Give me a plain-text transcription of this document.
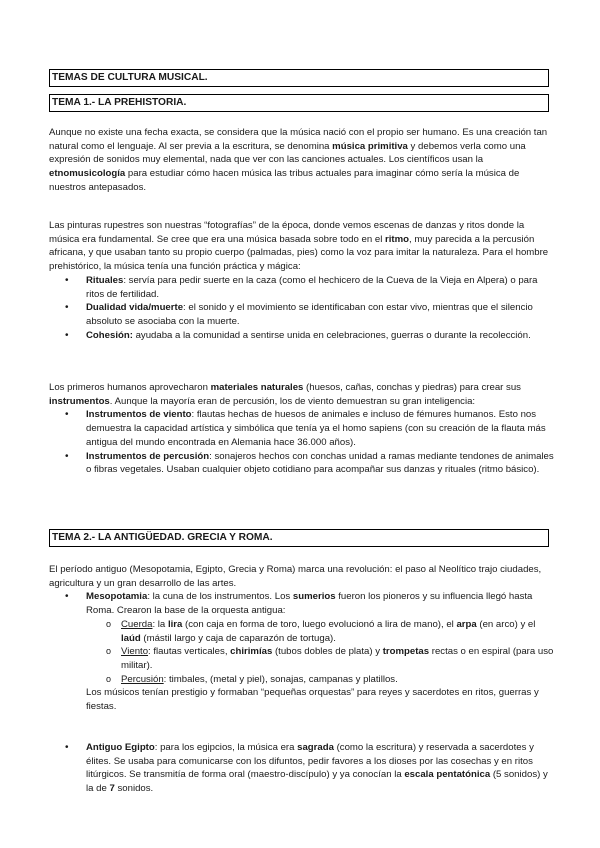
TEMAS DE CULTURA MUSICAL.
TEMA 1.- LA PREHISTORIA.

Aunque no existe una fecha exacta, se considera que la música nació con el propio ser humano. Es una creación tan natural como el lenguaje. Al ser previa a la escritura, se denomina música primitiva y debemos verla como una expresión de sonidos muy elemental, nada que ver con las canciones actuales. Los científicos usan la etnomusicología para estudiar cómo hacen música las tribus actuales para imaginar cómo sería la música de nuestros antepasados.

Las pinturas rupestres son nuestras “fotografías” de la época, donde vemos escenas de danzas y ritos donde la música era fundamental. Se cree que era una música basada sobre todo en el ritmo, muy parecida a la percusión africana, y que usaban tanto su propio cuerpo (palmadas, pies) como la voz para imitar la naturaleza. Para el hombre prehistórico, la música tenía una función práctica y mágica:

• Rituales: servía para pedir suerte en la caza (como el hechicero de la Cueva de la Vieja en Alpera) o para ritos de fertilidad.
• Dualidad vida/muerte: el sonido y el movimiento se identificaban con estar vivo, mientras que el silencio absoluto se asociaba con la muerte.
• Cohesión: ayudaba a la comunidad a sentirse unida en celebraciones, guerras o durante la recolección.

Los primeros humanos aprovecharon materiales naturales (huesos, cañas, conchas y piedras) para crear sus instrumentos. Aunque la mayoría eran de percusión, los de viento demuestran su gran inteligencia:

• Instrumentos de viento: flautas hechas de huesos de animales e incluso de fémures humanos. Esto nos demuestra la capacidad artística y simbólica que tenía ya el homo sapiens (con su creación de la flauta más antigua del mundo encontrada en Alemania hace 36.000 años).
• Instrumentos de percusión: sonajeros hechos con conchas unidad a ramas mediante tendones de animales o fibras vegetales. Usaban cualquier objeto cotidiano para acompañar sus danzas y rituales (ritmo básico).
TEMA 2.- LA ANTIGÜEDAD. GRECIA Y ROMA.

El período antiguo (Mesopotamia, Egipto, Grecia y Roma) marca una revolución: el paso al Neolítico trajo ciudades, agricultura y un gran desarrollo de las artes.

• Mesopotamia: la cuna de los instrumentos. Los sumerios fueron los pioneros y su influencia llegó hasta Roma. Crearon la base de la orquesta antigua:
o Cuerda: la lira (con caja en forma de toro, luego evolucionó a lira de mano), el arpa (en arco) y el laúd (mástil largo y caja de caparazón de tortuga).
o Viento: flautas verticales, chirimías (tubos dobles de plata) y trompetas rectas o en espiral (para uso militar).
o Percusión: timbales, (metal y piel), sonajas, campanas y platillos.

Los músicos tenían prestigio y formaban “pequeñas orquestas” para reyes y sacerdotes en ritos, guerras y fiestas.

• Antiguo Egipto: para los egipcios, la música era sagrada (como la escritura) y reservada a sacerdotes y élites. Se usaba para comunicarse con los difuntos, pedir favores a los dioses por las cosechas y en ritos litúrgicos. Se transmitía de forma oral (maestro-discípulo) y ya conocían la escala pentatónica (5 sonidos) y la de 7 sonidos.
